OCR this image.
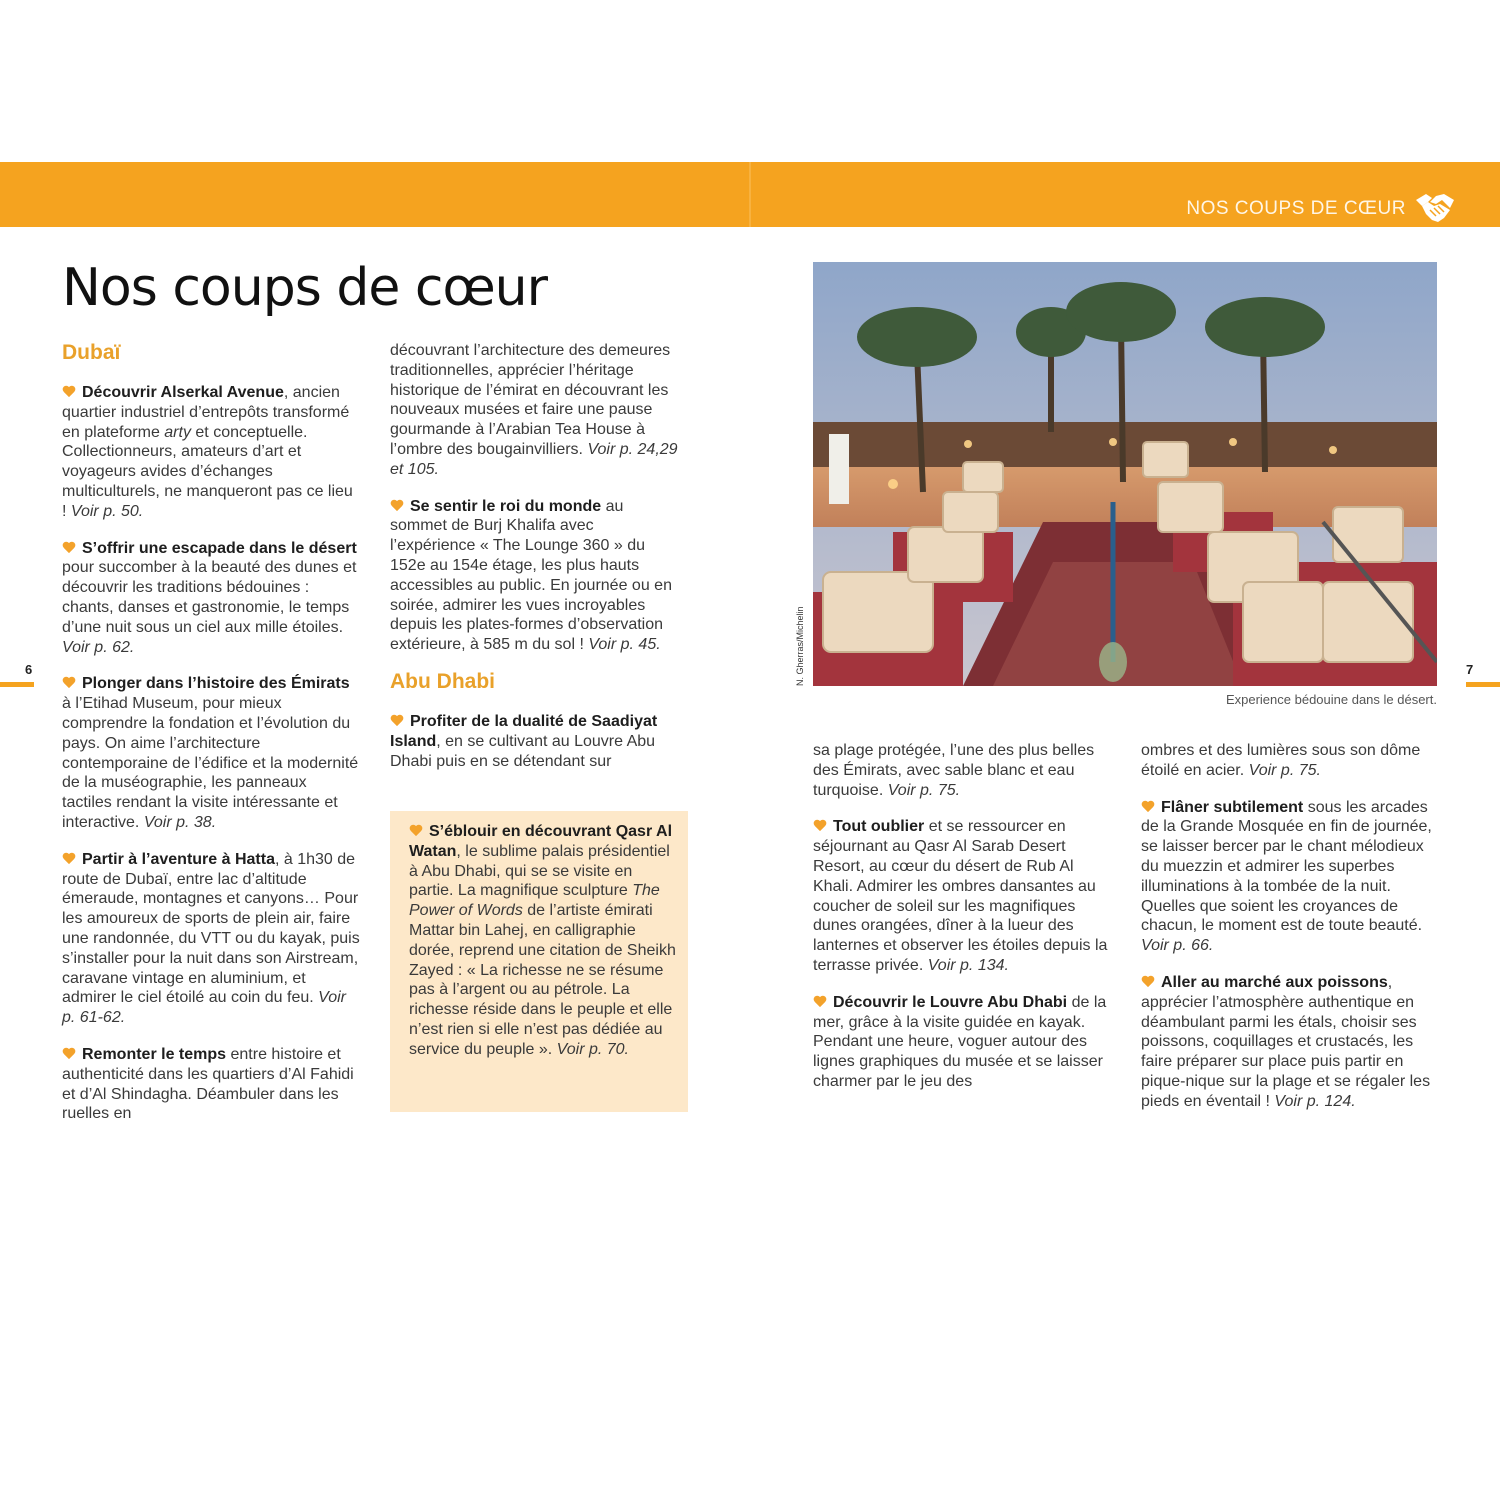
NOS COUPS DE CŒUR
Nos coups de cœur
6	7
Dubaï

Découvrir Alserkal Avenue, ancien quartier industriel d’entrepôts transformé en plateforme arty et conceptuelle. Collectionneurs, amateurs d’art et voyageurs avides d’échanges multiculturels, ne manqueront pas ce lieu ! Voir p. 50.

S’offrir une escapade dans le désert pour succomber à la beauté des dunes et découvrir les traditions bédouines : chants, danses et gastronomie, le temps d’une nuit sous un ciel aux mille étoiles. Voir p. 62.

Plonger dans l’histoire des Émirats à l’Etihad Museum, pour mieux comprendre la fondation et l’évolution du pays. On aime l’architecture contemporaine de l’édifice et la modernité de la muséographie, les panneaux tactiles rendant la visite intéressante et interactive. Voir p. 38.

Partir à l’aventure à Hatta, à 1h30 de route de Dubaï, entre lac d’altitude émeraude, montagnes et canyons… Pour les amoureux de sports de plein air, faire une randonnée, du VTT ou du kayak, puis s’installer pour la nuit dans son Airstream, caravane vintage en aluminium, et admirer le ciel étoilé au coin du feu. Voir p. 61-62.

Remonter le temps entre histoire et authenticité dans les quartiers d’Al Fahidi et d’Al Shindagha. Déambuler dans les ruelles en

découvrant l’architecture des demeures traditionnelles, apprécier l’héritage historique de l’émirat en découvrant les nouveaux musées et faire une pause gourmande à l’Arabian Tea House à l’ombre des bougainvilliers. Voir p. 24,29 et 105.

Se sentir le roi du monde au sommet de Burj Khalifa avec l’expérience « The Lounge 360 » du 152e au 154e étage, les plus hauts accessibles au public. En journée ou en soirée, admirer les vues incroyables depuis les plates-formes d’observation extérieure, à 585 m du sol ! Voir p. 45.

Abu Dhabi

Profiter de la dualité de Saadiyat Island, en se cultivant au Louvre Abu Dhabi puis en se détendant sur

S’éblouir en découvrant Qasr Al Watan, le sublime palais présidentiel à Abu Dhabi, qui se se visite en partie. La magnifique sculpture The Power of Words de l’artiste émirati Mattar bin Lahej, en calligraphie dorée, reprend une citation de Sheikh Zayed : « La richesse ne se résume pas à l’argent ou au pétrole. La richesse réside dans le peuple et elle n’est rien si elle n’est pas dédiée au service du peuple ». Voir p. 70.
N. Gherras/Michelin
Experience bédouine dans le désert.

sa plage protégée, l’une des plus belles des Émirats, avec sable blanc et eau turquoise. Voir p. 75.

Tout oublier et se ressourcer en séjournant au Qasr Al Sarab Desert Resort, au cœur du désert de Rub Al Khali. Admirer les ombres dansantes au coucher de soleil sur les magnifiques dunes orangées, dîner à la lueur des lanternes et observer les étoiles depuis la terrasse privée. Voir p. 134.

Découvrir le Louvre Abu Dhabi de la mer, grâce à la visite guidée en kayak. Pendant une heure, voguer autour des lignes graphiques du musée et se laisser charmer par le jeu des

ombres et des lumières sous son dôme étoilé en acier. Voir p. 75.

Flâner subtilement sous les arcades de la Grande Mosquée en fin de journée, se laisser bercer par le chant mélodieux du muezzin et admirer les superbes illuminations à la tombée de la nuit. Quelles que soient les croyances de chacun, le moment est de toute beauté. Voir p. 66.

Aller au marché aux poissons, apprécier l’atmosphère authentique en déambulant parmi les étals, choisir ses poissons, coquillages et crustacés, les faire préparer sur place puis partir en pique-nique sur la plage et se régaler les pieds en éventail ! Voir p. 124.
